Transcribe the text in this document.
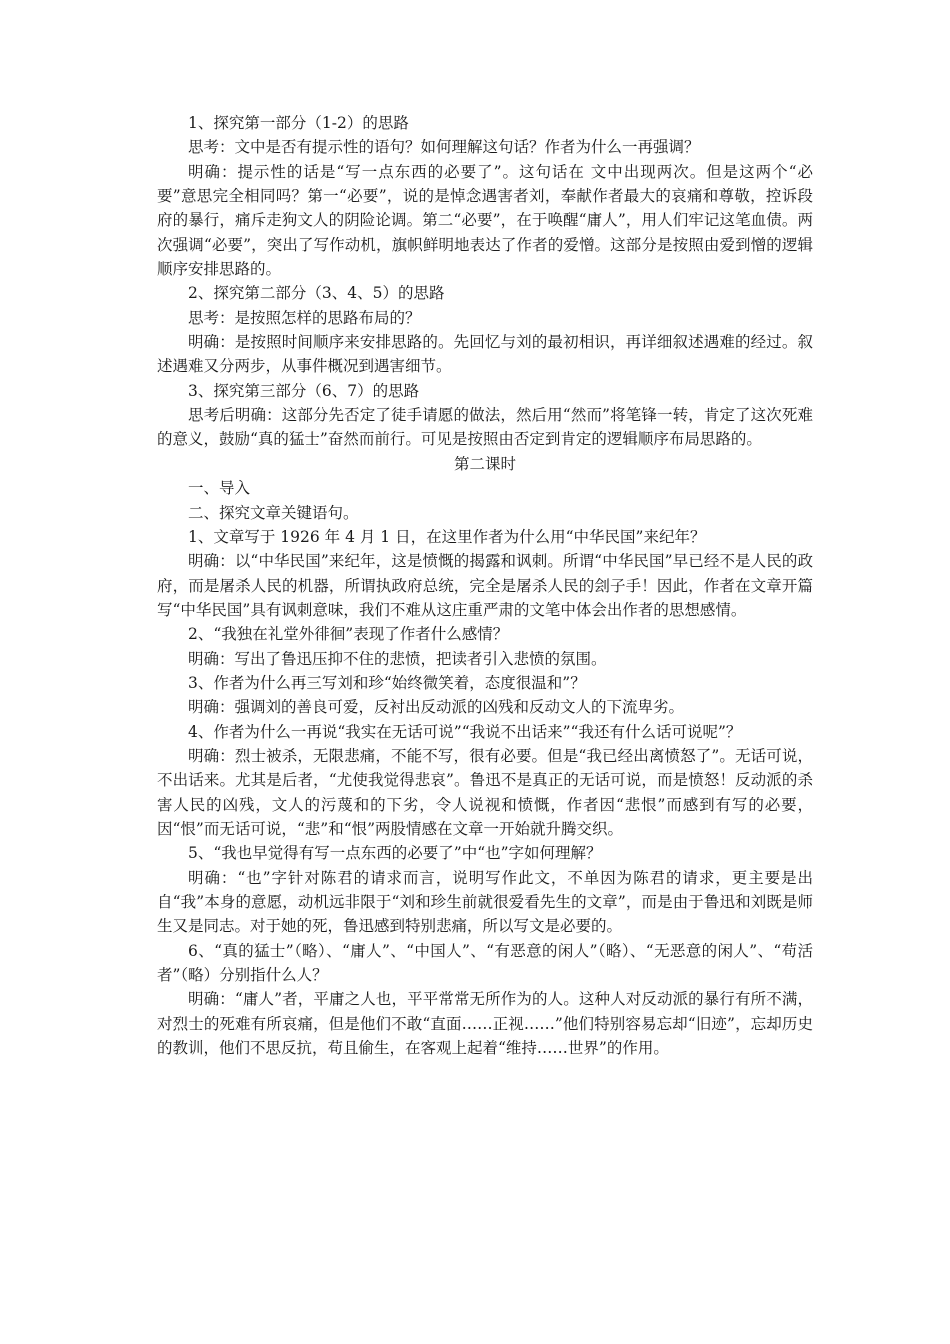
1、探究第一部分（1-2）的思路

思考：文中是否有提示性的语句？如何理解这句话？作者为什么一再强调？

明确：提示性的话是“写一点东西的必要了”。这句话在 文中出现两次。但是这两个“必要”意思完全相同吗？第一“必要”，说的是悼念遇害者刘，奉献作者最大的哀痛和尊敬，控诉段府的暴行，痛斥走狗文人的阴险论调。第二“必要”，在于唤醒“庸人”，用人们牢记这笔血债。两次强调“必要”，突出了写作动机，旗帜鲜明地表达了作者的爱憎。这部分是按照由爱到憎的逻辑顺序安排思路的。

2、探究第二部分（3、4、5）的思路

思考：是按照怎样的思路布局的？

明确：是按照时间顺序来安排思路的。先回忆与刘的最初相识，再详细叙述遇难的经过。叙述遇难又分两步，从事件概况到遇害细节。

3、探究第三部分（6、7）的思路

思考后明确：这部分先否定了徒手请愿的做法，然后用“然而”将笔锋一转，肯定了这次死难的意义，鼓励“真的猛士”奋然而前行。可见是按照由否定到肯定的逻辑顺序布局思路的。

第二课时

一、导入

二、探究文章关键语句。

1、文章写于 1926 年 4 月 1 日，在这里作者为什么用“中华民国”来纪年？

明确：以“中华民国”来纪年，这是愤慨的揭露和讽刺。所谓“中华民国”早已经不是人民的政府，而是屠杀人民的机器，所谓执政府总统，完全是屠杀人民的刽子手！因此，作者在文章开篇写“中华民国”具有讽刺意味，我们不难从这庄重严肃的文笔中体会出作者的思想感情。

2、“我独在礼堂外徘徊”表现了作者什么感情？

明确：写出了鲁迅压抑不住的悲愤，把读者引入悲愤的氛围。

3、作者为什么再三写刘和珍“始终微笑着，态度很温和”？

明确：强调刘的善良可爱，反衬出反动派的凶残和反动文人的下流卑劣。

4、作者为什么一再说“我实在无话可说”“我说不出话来”“我还有什么话可说呢”？

明确：烈士被杀，无限悲痛，不能不写，很有必要。但是“我已经出离愤怒了”。无话可说，不出话来。尤其是后者，“尤使我觉得悲哀”。鲁迅不是真正的无话可说，而是愤怒！反动派的杀害人民的凶残，文人的污蔑和的下劣，令人说视和愤慨，作者因“悲恨”而感到有写的必要，因“恨”而无话可说，“悲”和“恨”两股情感在文章一开始就升腾交织。

5、“我也早觉得有写一点东西的必要了”中“也”字如何理解？

明确：“也”字针对陈君的请求而言，说明写作此文，不单因为陈君的请求，更主要是出自“我”本身的意愿，动机远非限于“刘和珍生前就很爱看先生的文章”，而是由于鲁迅和刘既是师生又是同志。对于她的死，鲁迅感到特别悲痛，所以写文是必要的。

6、“真的猛士”（略）、“庸人”、“中国人”、“有恶意的闲人”（略）、“无恶意的闲人”、“苟活者”（略）分别指什么人？

明确：“庸人”者，平庸之人也，平平常常无所作为的人。这种人对反动派的暴行有所不满，对烈士的死难有所哀痛，但是他们不敢“直面……正视……”他们特别容易忘却“旧迹”，忘却历史的教训，他们不思反抗，苟且偷生，在客观上起着“维持……世界”的作用。
